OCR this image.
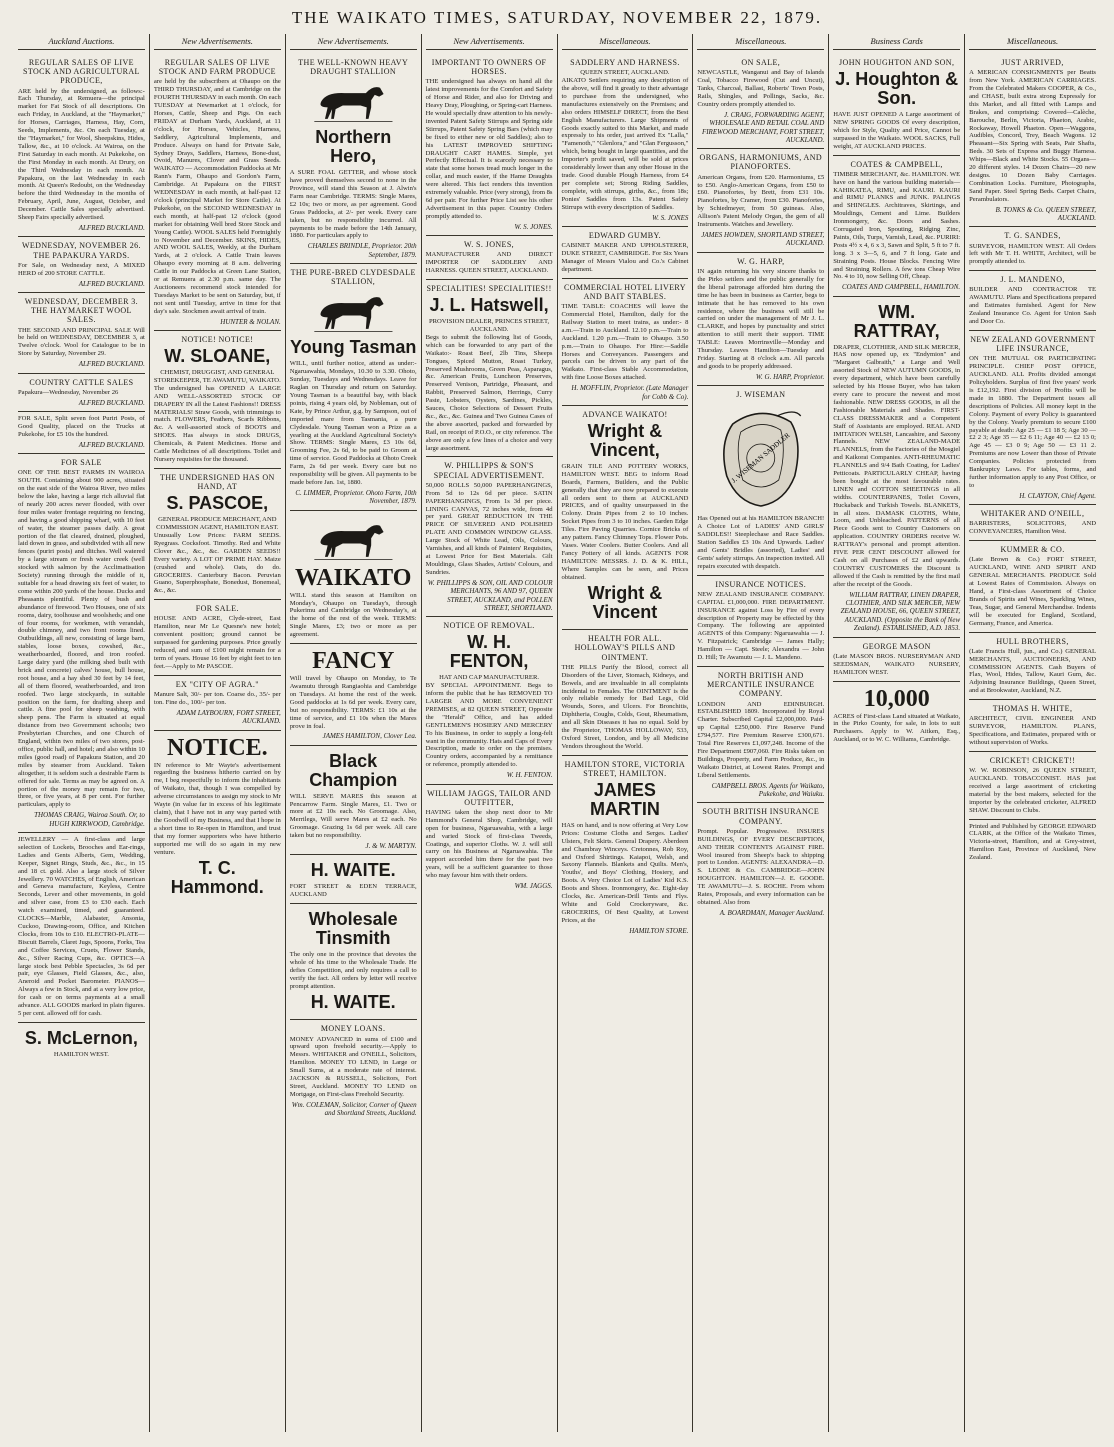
THE WAIKATO TIMES, SATURDAY, NOVEMBER 22, 1879.
Auckland Auctions.
REGULAR SALES OF LIVE STOCK AND AGRICULTURAL PRODUCE,
ARE held by the undersigned, as follows:- Each Thursday, at Remuera—the principal market for Fat Stock of all descriptions. On each Friday, in Auckland, at the "Haymarket," for Horses, Carriages, Harness, Hay, Corn, Seeds, Implements, &c. On each Tuesday, at the "Haymarket," for Wool, Sheepskins, Hides, Tallow, &c., at 10 o'clock. At Wairoa, on the First Saturday in each month. At Pukekohe, on the First Monday in each month. At Drury, on the Third Wednesday in each month. At Papakura, on the last Wednesday in each month. At Queen's Redoubt, on the Wednesday before the third Wednesday in the months of February, April, June, August, October, and December. Cattle Sales specially advertised. Sheep Fairs specially advertised.
ALFRED BUCKLAND.
WEDNESDAY, NOVEMBER 26. THE PAPAKURA YARDS.
For Sale, on Wednesday next, A MIXED HERD of 200 STORE CATTLE.
ALFRED BUCKLAND.
WEDNESDAY, DECEMBER 3. THE HAYMARKET WOOL SALES.
THE SECOND AND PRINCIPAL SALE Will be held on WEDNESDAY, DECEMBER 3, at Twelve o'clock. Wool for Catalogue to be in Store by Saturday, November 29.
ALFRED BUCKLAND.
COUNTRY CATTLE SALES
Papakura—Wednesday, November 26
ALFRED BUCKLAND.
FOR SALE, Split seven foot Puriri Posts, of Good Quality, placed on the Trucks at Pukekohe, for £5 10s the hundred.
ALFRED BUCKLAND.
FOR SALE
ONE OF THE BEST FARMS IN WAIROA SOUTH. Containing about 900 acres, situated on the east side of the Wairoa River, two miles below the lake, having a large rich alluvial flat of nearly 200 acres never flooded, with over four miles water frontage requiring no fencing, and having a good shipping wharf, with 10 feet of water, the steamer passes daily. A great portion of the flat cleared, drained, ploughed, laid down in grass, and subdivided with all new fences (puriri posts) and ditches. Well watered by a large stream or fresh water creek (well stocked with salmon by the Acclimatisation Society) running through the middle of it, suitable for a head drawing six feet of water, to come within 200 yards of the house. Ducks and Pheasants plentiful. Plenty of bush and abundance of firewood. Two Houses, one of six rooms, dairy, toolhouse and woolsheds; and one of four rooms, for workmen, with verandah, double chimney, and two front rooms lined. Outbuildings, all new, consisting of large barn, stables, loose boxes, cowshed, &c., weatherboarded, floored, and iron roofed. Large dairy yard (the milking shed built with brick and concrete) calves' house, bull house, root house, and a hay shed 30 feet by 14 feet, all of them floored, weatherboarded, and iron roofed. Two large stockyards, in suitable position on the farm, for drafting sheep and cattle. A fine pool for sheep washing, with sheep pens. The Farm is situated at equal distance from two Government schools; two Presbyterian Churches, and one Church of England, within two miles of two stores, post-office, public hall, and hotel; and also within 10 miles (good road) of Papakura Station, and 20 miles by steamer from Auckland. Taken altogether, it is seldom such a desirable Farm is offered for sale. Terms as may be agreed on. A portion of the money may remain for two, three, or five years, at 8 per cent. For further particulars, apply to
THOMAS CRAIG, Wairoa South. Or, to HUGH KIRKWOOD, Cambridge.
JEWELLERY — A first-class and large selection of Lockets, Brooches and Ear-rings, Ladies and Gents Alberts, Gem, Wedding, Keeper, Signet Rings, Studs, &c., &c., in 15 and 18 ct. gold. Also a large stock of Silver Jewellery. 70 WATCHES, of English, American and Geneva manufacture, Keyless, Centre Seconds, Lever and other movements, in gold and silver case, from £3 to £30 each. Each watch examined, timed, and guaranteed. CLOCKS—Marble, Alabaster, Ansonia, Cuckoo, Drawing-room, Office, and Kitchen Clocks, from 10s to £10. ELECTRO-PLATE—Biscuit Barrels, Claret Jugs, Spoons, Forks, Tea and Coffee Services, Cruets, Flower Stands, &c., Silver Racing Cups, &c. OPTICS—A large stock best Pebble Spectacles, 3s 6d per pair, eye Glasses, Field Glasses, &c., also, Aneroid and Pocket Barometer. PIANOS—Always a few in Stock, and at a very low price, for cash or on terms payments at a small advance. ALL GOODS marked in plain figures. 5 per cent. allowed off for cash.
S. McLernon,
HAMILTON WEST.
New Advertisements.
REGULAR SALES OF LIVE STOCK AND FARM PRODUCE
are held by the subscribers at Ohaupo on the THIRD THURSDAY, and at Cambridge on the FOURTH THURSDAY in each month. On each TUESDAY at Newmarket at 1 o'clock, for Horses, Cattle, Sheep and Pigs. On each FRIDAY at Durham Yards, Auckland, at 11 o'clock, for Horses, Vehicles, Harness, Saddlery, Agricultural Implements, and Produce. Always on hand for Private Sale, Sydney Drays, Saddlers, Harness, Bone-dust, Ovoid, Manures, Clover and Grass Seeds. WAIKATO — Accommodation Paddocks at Mr Rann's Farm, Ohaupo and Gordon's Farm, Cambridge. At Papakura on the FIRST WEDNESDAY in each month, at half-past 12 o'clock (principal Market for Store Cattle). At Pukekohe, on the SECOND WEDNESDAY in each month, at half-past 12 o'clock (good market for obtaining Well bred Store Stock and Young Cattle). WOOL SALES held Fortnightly to November and December. SKINS, HIDES, AND WOOL SALES, Weekly, at the Durham Yards, at 2 o'clock. A Cattle Train leaves Ohaupo every morning at 8 a.m. delivering Cattle in our Paddocks at Green Lane Station, or at Remuera at 2.30 p.m. same day. The Auctioneers recommend stock intended for Tuesdays Market to be sent on Saturday, but, if not sent until Tuesday, arrive in time for that day's sale. Stockmen await arrival of train.
HUNTER & NOLAN.
NOTICE! NOTICE!
W. SLOANE,
CHEMIST, DRUGGIST, AND GENERAL STOREKEEPER, TE AWAMUTU, WAIKATO.
The undersigned has OPENED A LARGE AND WELL-ASSORTED STOCK OF DRAPERY IN all the Latest Fashions!! DRESS MATERIALS! Straw Goods, with trimmings to match. FLOWERS, Feathers, Scarfs Ribbons, &c. A well-assorted stock of BOOTS and SHOES. Has always in stock DRUGS, Chemicals, & Patent Medicines. Horse and Cattle Medicines of all descriptions. Toilet and Nursery requisites for the thousand.
THE UNDERSIGNED HAS ON HAND, AT
S. PASCOE,
GENERAL PRODUCE MERCHANT, AND COMMISSION AGENT, HAMILTON EAST.
Unusually Low Prices: FARM SEEDS. Ryegrass. Cocksfoot. Timothy. Red and White Clover &c., &c., &c. GARDEN SEEDS!! Every variety. A LOT OF PRIME HAY. Maize (crushed and whole). Oats, do do. GROCERIES. Canterbury Bacon. Peruvian Guano, Superphosphate, Bonedust, Bonemeal, &c., &c.
FOR SALE.
HOUSE AND ACRE, Clyde-street, East Hamilton, near Mr Le Quesne's new hotel; convenient position; ground cannot be surpassed for gardening purposes. Price greatly reduced, and sum of £100 might remain for a term of years. House 16 feet by eight feet to ten feet.—Apply to Mr PASCOE.
EX "CITY OF AGRA."
Manure Salt, 30/- per ton. Coarse do., 35/- per ton. Fine do., 100/- per ton.
ADAM LAYBOURN, FORT STREET, AUCKLAND.
NOTICE.
IN reference to Mr Wayte's advertisement regarding the business hitherto carried on by me, I beg respectfully to inform the inhabitants of Waikato, that, though I was compelled by adverse circumstances to assign my stock to Mr Wayte (in value far in excess of his legitimate claim), that I have not in any way parted with the Goodwill of my Business, and that I hope in a short time to Re-open in Hamilton, and trust that my former supporters who have hitherto supported me will do so again in my new venture.
T. C. Hammond.
New Advertisements.
THE WELL-KNOWN HEAVY DRAUGHT STALLION
Northern Hero,
A SURE FOAL GETTER, and whose stock have proved themselves second to none in the Province, will stand this Season at J. Alwin's Farm near Cambridge. TERMS: Single Mares, £2 10s; two or more, as per agreement. Good Grass Paddocks, at 2/- per week. Every care taken, but no responsibility incurred. All payments to be made before the 14th January, 1880. For particulars apply to
CHARLES BRINDLE, Proprietor. 20th September, 1879.
THE PURE-BRED CLYDESDALE STALLION,
Young Tasman
WILL, until further notice, attend as under:- Ngaruawahia, Mondays, 10.30 to 3.30. Ohoto, Sunday, Tuesdays and Wednesdays. Leave for Raglan on Thursday and return on Saturday. Young Tasman is a beautiful bay, with black points, rising 4 years old, by Nobleman, out of Kate, by Prince Arthur, g.g. by Sampson, out of imported mare from Tasmania, a pure Clydesdale. Young Tasman won a Prize as a yearling at the Auckland Agricultural Society's Show. TERMS: Single Mares, £3 10s 6d, Grooming Fee, 2s 6d, to be paid to Groom at time of service. Good Paddocks at Ohoto Creek Farm, 2s 6d per week. Every care but no responsibility will be given. All payments to be made before Jan. 1st, 1880.
C. LIMMER, Proprietor. Ohoto Farm, 10th November, 1879.
WAIKATO
WILL stand this season at Hamilton on Monday's, Ohaupo on Tuesday's, through Pukerimu and Cambridge on Wednesday's, at the home of the rest of the week. TERMS: Single Mares, £3; two or more as per agreement.
FANCY
Will travel by Ohaupo on Monday, to Te Awamutu through Rangiaohia and Cambridge on Tuesdays. At home the rest of the week. Good paddocks at 1s 6d per week. Every care, but no responsibility. TERMS: £1 10s at the time of service, and £1 10s when the Mares prove in foal.
JAMES HAMILTON, Clover Lea.
Black Champion
WILL SERVE MARES this season at Pencarrow Farm. Single Mares, £1. Two or more at £2 10s each. No Groomage. Also, Merrilegs, Will serve Mares at £2 each. No Groomage. Grazing 1s 6d per week. All care taken but no responsibility.
J. & W. MARTYN.
H. WAITE.
FORT STREET & EDEN TERRACE, AUCKLAND
Wholesale Tinsmith
The only one in the province that devotes the whole of his time to the Wholesale Trade. He defies Competition, and only requires a call to verify the fact. All orders by letter will receive prompt attention.
H. WAITE.
MONEY LOANS.
MONEY ADVANCED in sums of £100 and upward upon freehold security.—Apply to Messrs. WHITAKER and O'NEILL, Solicitors, Hamilton. MONEY TO LEND, in Large or Small Sums, at a moderate rate of interest. JACKSON & RUSSELL, Solicitors, Fort Street, Auckland. MONEY TO LEND on Mortgage, on First-class Freehold Security.
Wm. COLEMAN, Solicitor, Corner of Queen and Shortland Streets, Auckland.
New Advertisements.
IMPORTANT TO OWNERS OF HORSES.
THE undersigned has always on hand all the latest improvements for the Comfort and Safety of Horse and Rider, and also for Driving and Heavy Dray, Ploughing, or Spring-cart Harness. He would specially draw attention to his newly-invented Patent Safety Stirrups and Spring side Stirrups, Patent Safety Spring Bars (which may be fixed to either new or old Saddles); also to his LATEST IMPROVED SHIFTING DRAUGHT CART HAMES. Simple, yet Perfectly Effectual. It is scarcely necessary to state that some horses tread much longer in the collar, and much easier, if the Hame Draughts were altered. This fact renders this invention extremely valuable. Price (very strong), from 8s 6d per pair. For further Price List see his other Advertisement in this paper. Country Orders promptly attended to.
W. S. JONES.
W. S. JONES,
MANUFACTURER AND DIRECT IMPORTER OF SADDLERY AND HARNESS. QUEEN STREET, AUCKLAND.
SPECIALITIES! SPECIALITIES!!
J. L. Hatswell,
PROVISION DEALER, PRINCES STREET, AUCKLAND.
Begs to submit the following list of Goods, which can be forwarded to any part of the Waikato:- Roast Beef, 2lb Tins, Sheeps Tongues, Spiced Mutton, Roast Turkey, Preserved Mushrooms, Green Peas, Asparagus, &c. American Fruits, Luncheon Preserves, Preserved Venison, Partridge, Pheasant, and Rabbit, Preserved Salmon, Herrings, Curry Paste, Lobsters, Oysters, Sardines, Pickles, Sauces, Choice Selections of Dessert Fruits &c., &c., &c. Guinea and Two Guinea Cases of the above assorted, packed and forwarded by Rail, on receipt of P.O.O., or city reference. The above are only a few lines of a choice and very large assortment.
W. PHILLIPPS & SON'S SPECIAL ADVERTISEMENT.
50,000 ROLLS 50,000 PAPERHANGINGS, From 5d to 12s 6d per piece. SATIN PAPERHANGINGS, From 1s 3d per piece. LINING CANVAS, 72 inches wide, from 4d per yard. GREAT REDUCTION IN THE PRICE OF SILVERED AND POLISHED PLATE AND COMMON WINDOW GLASS. Large Stock of White Lead, Oils, Colours, Varnishes, and all kinds of Painters' Requisites, at Lowest Price for Best Materials. Gilt Mouldings, Glass Shades, Artists' Colours, and Sundries.
W. PHILLIPPS & SON, OIL AND COLOUR MERCHANTS, 96 AND 97, QUEEN STREET, AUCKLAND, and POLLEN STREET, SHORTLAND.
NOTICE OF REMOVAL.
W. H. FENTON,
HAT AND CAP MANUFACTURER.
BY SPECIAL APPOINTMENT. Begs to inform the public that he has REMOVED TO LARGER AND MORE CONVENIENT PREMISES, at 82 QUEEN STREET, Opposite the "Herald" Office, and has added GENTLEMEN'S HOSIERY AND MERCERY To his Business, in order to supply a long-felt want in the community. Hats and Caps of Every Description, made to order on the premises. Country orders, accompanied by a remittance or reference, promptly attended to.
W. H. FENTON.
WILLIAM JAGGS, TAILOR AND OUTFITTER,
HAVING taken the shop next door to Mr Hammond's General Shop, Cambridge, will open for business, Ngaruawahia, with a large and varied Stock of first-class Tweeds, Coatings, and superior Cloths. W. J. will still carry on his Business at Ngaruawahia. The support accorded him there for the past two years, will be a sufficient guarantee to those who may favour him with their orders.
WM. JAGGS.
Miscellaneous.
SADDLERY AND HARNESS.
QUEEN STREET, AUCKLAND.
AIKATO Settlers requiring any description of the above, will find it greatly to their advantage to purchase from the undersigned, who manufactures extensively on the Premises; and also orders HIMSELF DIRECT, from the Best English Manufacturers. Large Shipments of Goods exactly suited to this Market, and made expressly to his order, just arrived Ex "Lalla," "Famenoth," "Glenlora," and "Glan Fergusson," which, being bought in large quantities, and the Importer's profit saved, will be sold at prices considerably lower than any other House in the trade. Good durable Plough Harness, from £4 per complete set; Strong Riding Saddles, complete, with stirrups, girths, &c., from 18s; Ponies' Saddles from 13s. Patent Safety Stirrups with every description of Saddles.
W. S. JONES
EDWARD GUMBY.
CABINET MAKER AND UPHOLSTERER, DUKE STREET, CAMBRIDGE. For Six Years Manager of Messrs Vialou and Co.'s Cabinet department.
COMMERCIAL HOTEL LIVERY AND BAIT STABLES.
TIME TABLE: COACHES will leave the Commercial Hotel, Hamilton, daily for the Railway Station to meet trains, as under:- 8 a.m.—Train to Auckland. 12.10 p.m.—Train to Auckland. 1.20 p.m.—Train to Ohaupo. 3.50 p.m.—Train to Ohaupo. For Hire:—Saddle Horses and Conveyances. Passengers and parcels can be driven to any part of the Waikato. First-class Stable Accommodation, with fine Loose Boxes attached.
H. MOFFLIN, Proprietor. (Late Manager for Cobb & Co).
ADVANCE WAIKATO!
Wright & Vincent,
GRAIN TILE AND POTTERY WORKS, HAMILTON WEST. BEG to inform Road Boards, Farmers, Builders, and the Public generally that they are now prepared to execute all orders sent to them at AUCKLAND PRICES, and of quality unsurpassed in the Colony. Drain Pipes from 2 to 10 inches. Socket Pipes from 3 to 10 inches. Garden Edge Tiles. Fire Paving Quarries. Cornice Bricks of any pattern. Fancy Chimney Tops. Flower Pots. Vases. Water Coolers. Butter Coolers. And all Fancy Pottery of all kinds. AGENTS FOR HAMILTON: MESSRS. J. D. & K. HILL, Where Samples can be seen, and Prices obtained.
Wright & Vincent
HEALTH FOR ALL. HOLLOWAY'S PILLS AND OINTMENT.
THE PILLS Purify the Blood, correct all Disorders of the Liver, Stomach, Kidneys, and Bowels, and are invaluable in all complaints incidental to Females. The OINTMENT is the only reliable remedy for Bad Legs, Old Wounds, Sores, and Ulcers. For Bronchitis, Diphtheria, Coughs, Colds, Gout, Rheumatism, and all Skin Diseases it has no equal. Sold by the Proprietor, THOMAS HOLLOWAY, 533, Oxford Street, London, and by all Medicine Vendors throughout the World.
HAMILTON STORE, VICTORIA STREET, HAMILTON.
JAMES MARTIN
HAS on hand, and is now offering at Very Low Prices: Costume Cloths and Serges. Ladies' Ulsters, Felt Skirts. General Drapery. Aberdeen and Chambray Winceys. Cretonnes, Rob Roy, and Oxford Shirtings. Kaiapoi, Welsh, and Saxony Flannels. Blankets and Quilts. Men's, Youths', and Boys' Clothing, Hosiery, and Boots. A Very Choice Lot of Ladies' Kid K.S. Boots and Shoes. Ironmongery, &c. Eight-day Clocks, &c. American-Drill Tents and Flys. White and Gold Crockeryware, &c. GROCERIES, Of Best Quality, at Lowest Prices, at the
HAMILTON STORE.
Miscellaneous.
ON SALE,
NEWCASTLE, Wanganui and Bay of Islands Coal, Tobacco Firewood (Cut and Uncut), Tanks, Charcoal, Ballast, Roberts' Town Posts, Rails, Shingles, and Pollings, Sacks, &c. Country orders promptly attended to.
J. CRAIG, FORWARDING AGENT, WHOLESALE AND RETAIL COAL AND FIREWOOD MERCHANT, FORT STREET, AUCKLAND.
ORGANS, HARMONIUMS, AND PIANOFORTES.
American Organs, from £20. Harmoniums, £5 to £50. Anglo-American Organs, from £50 to £60. Pianofortes, by Brett, from £31 10s. Pianofortes, by Cramer, from £30. Pianofortes, by Schiedmeyer, from 50 guineas. Also, Allison's Patent Melody Organ, the gem of all Instruments. Watches and Jewellery.
JAMES HOWDEN, SHORTLAND STREET, AUCKLAND.
W. G. HARP,
IN again returning his very sincere thanks to the Pirko settlers and the public generally for the liberal patronage afforded him during the time he has been in business as Carrier, begs to intimate that he has removed to his own residence, where the business will still be carried on under the management of Mr J. L. CLARKE, and hopes by punctuality and strict attention to still merit their support. TIME TABLE: Leaves Morrinsville—Monday and Thursday. Leaves Hamilton—Tuesday and Friday. Starting at 8 o'clock a.m. All parcels and goods to be properly addressed.
W. G. HARP, Proprietor.
J. WISEMAN
J. WISEMAN SADDLER
Has Opened out at his HAMILTON BRANCH! A Choice Lot of LADIES' AND GIRLS' SADDLES!! Steeplechase and Race Saddles. Station Saddles £3 10s And Upwards. Ladies' and Gents' Bridles (assorted), Ladies' and Gents' safety stirrups. An inspection invited. All repairs executed with despatch.
INSURANCE NOTICES.
NEW ZEALAND INSURANCE COMPANY. CAPITAL £1,000,000. FIRE DEPARTMENT. INSURANCE against Loss by Fire of every description of Property may be effected by this Company. The following are appointed AGENTS of this Company: Ngaruawahia — J. V. Fitzpatrick; Cambridge — James Hally; Hamilton — Capt. Steele; Alexandra — John D. Hill; Te Awamutu — J. L. Mandeno.
NORTH BRITISH AND MERCANTILE INSURANCE COMPANY.
LONDON AND EDINBURGH. ESTABLISHED 1809. Incorporated by Royal Charter. Subscribed Capital £2,000,000. Paid-up Capital £250,000. Fire Reserve Fund £794,577. Fire Premium Reserve £300,671. Total Fire Reserves £1,097,248. Income of the Fire Department £907,060. Fire Risks taken on Buildings, Property, and Farm Produce, &c., in Waikato District, at Lowest Rates. Prompt and Liberal Settlements.
CAMPBELL BROS. Agents for Waikato, Pukekohe, and Waiuku.
SOUTH BRITISH INSURANCE COMPANY.
Prompt. Popular. Progressive. INSURES BUILDINGS, OF EVERY DESCRIPTION, AND THEIR CONTENTS AGAINST FIRE. Wool insured from Sheep's back to shipping port to London. AGENTS: ALEXANDRA—D. S. LEONE & Co. CAMBRIDGE—JOHN HOUGHTON. HAMILTON—J. E. GOODE. TE AWAMUTU—J. S. ROCHE. From whom Rates, Proposals, and every information can be obtained. Also from
A. BOARDMAN, Manager Auckland.
Business Cards
JOHN HOUGHTON AND SON,
J. Houghton & Son.
HAVE JUST OPENED A Large assortment of NEW SPRING GOODS Of every description, which for Style, Quality and Price, Cannot be surpassed in the Waikato. WOOL SACKS, Full weight, AT AUCKLAND PRICES.
COATES & CAMPBELL,
TIMBER MERCHANT, &c. HAMILTON. WE have on hand the various building materials—KAHIKATEA, RIMU, and KAURI. KAURI and RIMU PLANKS and JUNK. PALINGS and SHINGLES. Architraves, Skirtings, and Mouldings, Cement and Lime. Builders Ironmongery, &c. Doors and Sashes. Corrugated Iron, Spouting, Ridging Zinc, Paints, Oils, Turps, Varnish, Lead, &c. PURIRI: Posts 4½ x 4, 6 x 3, Sawn and Split, 5 ft to 7 ft. long. 3 x 3—5, 6, and 7 ft long. Gate and Straining Posts. House Blocks. Fencing Wire and Straining Rollers. A few tons Cheap Wire No. 4 to 10, now Selling Off, Cheap.
COATES AND CAMPBELL, HAMILTON.
WM. RATTRAY,
DRAPER, CLOTHIER, AND SILK MERCER, HAS now opened up, ex "Endymion" and "Margaret Galbraith," a Large and Well assorted Stock of NEW AUTUMN GOODS, in every department, which have been carefully selected by his House Buyer, who has taken every care to procure the newest and most fashionable. NEW DRESS GOODS, in all the Fashionable Materials and Shades. FIRST-CLASS DRESSMAKER and a Competent Staff of Assistants are employed. REAL AND IMITATION WELSH, Lancashire, and Saxony Flannels. NEW ZEALAND-MADE FLANNELS, from the Factories of the Mosgiel and Kaikorai Companies. ANTI-RHEUMATIC FLANNELS and 9/4 Bath Coating, for Ladies' Petticoats. PARTICULARLY CHEAP, having been bought at the most favourable rates. LINEN and COTTON SHEETINGS in all widths. COUNTERPANES, Toilet Covers, Huckaback and Turkish Towels. BLANKETS, in all sizes. DAMASK CLOTHS, White, Loom, and Unbleached. PATTERNS of all Piece Goods sent to Country Customers on application. COUNTRY ORDERS receive W. RATTRAY's personal and prompt attention. FIVE PER CENT DISCOUNT allowed for Cash on all Purchases of £2 and upwards. COUNTRY CUSTOMERS the Discount is allowed if the Cash is remitted by the first mail after the receipt of the Goods.
WILLIAM RATTRAY, LINEN DRAPER, CLOTHIER, AND SILK MERCER, NEW ZEALAND HOUSE, 66, QUEEN STREET, AUCKLAND. (Opposite the Bank of New Zealand). ESTABLISHED, A.D. 1853.
GEORGE MASON
(Late MASON BROS. NURSERYMAN AND SEEDSMAN, WAIKATO NURSERY, HAMILTON WEST.
10,000
ACRES of First-class Land situated at Waikato, in the Pirko County, for sale, in lots to suit Purchasers. Apply to W. Aitken, Esq., Auckland, or to W. C. Williams, Cambridge.
Miscellaneous.
JUST ARRIVED,
A MERICAN CONSIGNMENTS per Beatts from New York. AMERICAN CARRIAGES. From the Celebrated Makers COOPER, & Co., and CHASE, built extra strong Expressly for this Market, and all fitted with Lamps and Brakes, and comprising: Covered—Calèche, Barouche, Berlin, Victoria, Phaeton, Arabic, Rockaway, Howell Phaeton. Open—Waggons, Audibles, Concord, Trey, Beach Wagons. 12 Pheasant—Six Spring with Seats, Pair Shafts, Beds. 30 Sets of Express and Buggy Harness. Whips—Black and White Stocks. 55 Organs—20 different styles. 14 Dozen Chairs—20 new designs. 10 Dozen Baby Carriages. Combination Locks. Furniture, Photographs, Sand Paper. Steel Spring Beds. Carpet Chairs, Perambulators.
B. TONKS & Co. QUEEN STREET, AUCKLAND.
T. G. SANDES,
SURVEYOR, HAMILTON WEST. All Orders left with Mr T. H. WHITE, Architect, will be promptly attended to.
J. L. MANDENO,
BUILDER AND CONTRACTOR TE AWAMUTU. Plans and Specifications prepared and Estimates furnished. Agent for New Zealand Insurance Co. Agent for Union Sash and Door Co.
NEW ZEALAND GOVERNMENT LIFE INSURANCE,
ON THE MUTUAL OR PARTICIPATING PRINCIPLE. CHIEF POST OFFICE, AUCKLAND. ALL Profits divided amongst Policyholders. Surplus of first five years' work is £12,192. First division of Profits will be made in 1880. The Department issues all descriptions of Policies. All money kept in the Colony. Payment of every Policy is guaranteed by the Colony. Yearly premium to secure £100 payable at death: Age 25 — £1 18 5; Age 30 — £2 2 3; Age 35 — £2 6 11; Age 40 — £2 13 0; Age 45 — £3 0 9; Age 50 — £3 11 2. Premiums are now Lower than those of Private Companies. Policies protected from Bankruptcy Laws. For tables, forms, and further information apply to any Post Office, or to
H. CLAYTON, Chief Agent.
WHITAKER AND O'NEILL,
BARRISTERS, SOLICITORS, AND CONVEYANCERS, Hamilton West.
KUMMER & CO.
(Late Brown & Co.) FORT STREET, AUCKLAND, WINE AND SPIRIT AND GENERAL MERCHANTS. PRODUCE Sold at Lowest Rates of Commission. Always on Hand, a First-class Assortment of Choice Brands of Spirits and Wines, Sparkling Wines, Teas, Sugar, and General Merchandise. Indents will be executed for England, Scotland, Germany, France, and America.
HULL BROTHERS,
(Late Francis Hull, jun., and Co.) GENERAL MERCHANTS, AUCTIONEERS, AND COMMISSION AGENTS. Cash Buyers of Flax, Wool, Hides, Tallow, Kauri Gum, &c. Adjoining Insurance Buildings, Queen Street, and at Brookwater, Auckland, N.Z.
THOMAS H. WHITE,
ARCHITECT, CIVIL ENGINEER AND SURVEYOR, HAMILTON. PLANS, Specifications, and Estimates, prepared with or without supervision of Works.
CRICKET! CRICKET!!
W. W. ROBINSON, 26 QUEEN STREET, AUCKLAND. TOBACCONIST. HAS just received a large assortment of cricketing material by the best makers, selected for the importer by the celebrated cricketer, ALFRED SHAW. Discount to Clubs.
Printed and Published by GEORGE EDWARD CLARK, at the Office of the Waikato Times, Victoria-street, Hamilton, and at Grey-street, Hamilton East, Province of Auckland, New Zealand.
